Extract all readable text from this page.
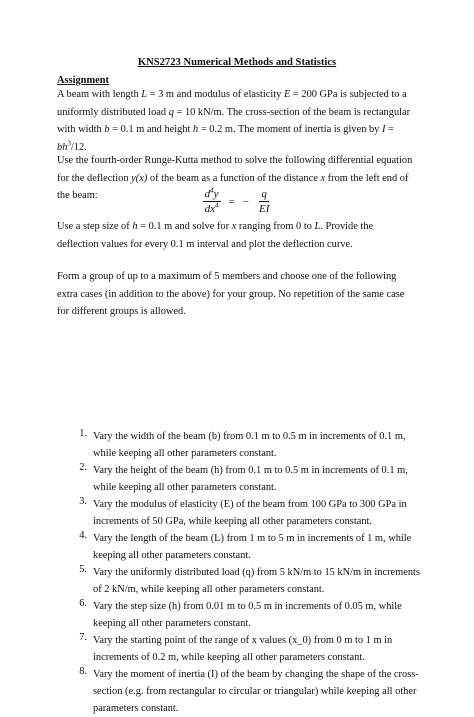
KNS2723 Numerical Methods and Statistics
Assignment
A beam with length L = 3 m and modulus of elasticity E = 200 GPa is subjected to a uniformly distributed load q = 10 kN/m. The cross-section of the beam is rectangular with width b = 0.1 m and height h = 0.2 m. The moment of inertia is given by $I = bh^3/12$.
Use the fourth-order Runge-Kutta method to solve the following differential equation for the deflection y(x) of the beam as a function of the distance x from the left end of the beam:	$\frac{d^4y}{dx^4}$ = − $\frac{q}{EI}$
Use a step size of h = 0.1 m and solve for x ranging from 0 to L. Provide the deflection values for every 0.1 m interval and plot the deflection curve.
Form a group of up to a maximum of 5 members and choose one of the following extra cases (in addition to the above) for your group. No repetition of the same case for different groups is allowed.
1. Vary the width of the beam (b) from 0.1 m to 0.5 m in increments of 0.1 m, while keeping all other parameters constant.
2. Vary the height of the beam (h) from 0.1 m to 0.5 m in increments of 0.1 m, while keeping all other parameters constant.
3. Vary the modulus of elasticity (E) of the beam from 100 GPa to 300 GPa in increments of 50 GPa, while keeping all other parameters constant.
4. Vary the length of the beam (L) from 1 m to 5 m in increments of 1 m, while keeping all other parameters constant.
5. Vary the uniformly distributed load (q) from 5 kN/m to 15 kN/m in increments of 2 kN/m, while keeping all other parameters constant.
6. Vary the step size (h) from 0.01 m to 0.5 m in increments of 0.05 m, while keeping all other parameters constant.
7. Vary the starting point of the range of x values (x_0) from 0 m to 1 m in increments of 0.2 m, while keeping all other parameters constant.
8. Vary the moment of inertia (I) of the beam by changing the shape of the cross-section (e.g. from rectangular to circular or triangular) while keeping all other parameters constant.
